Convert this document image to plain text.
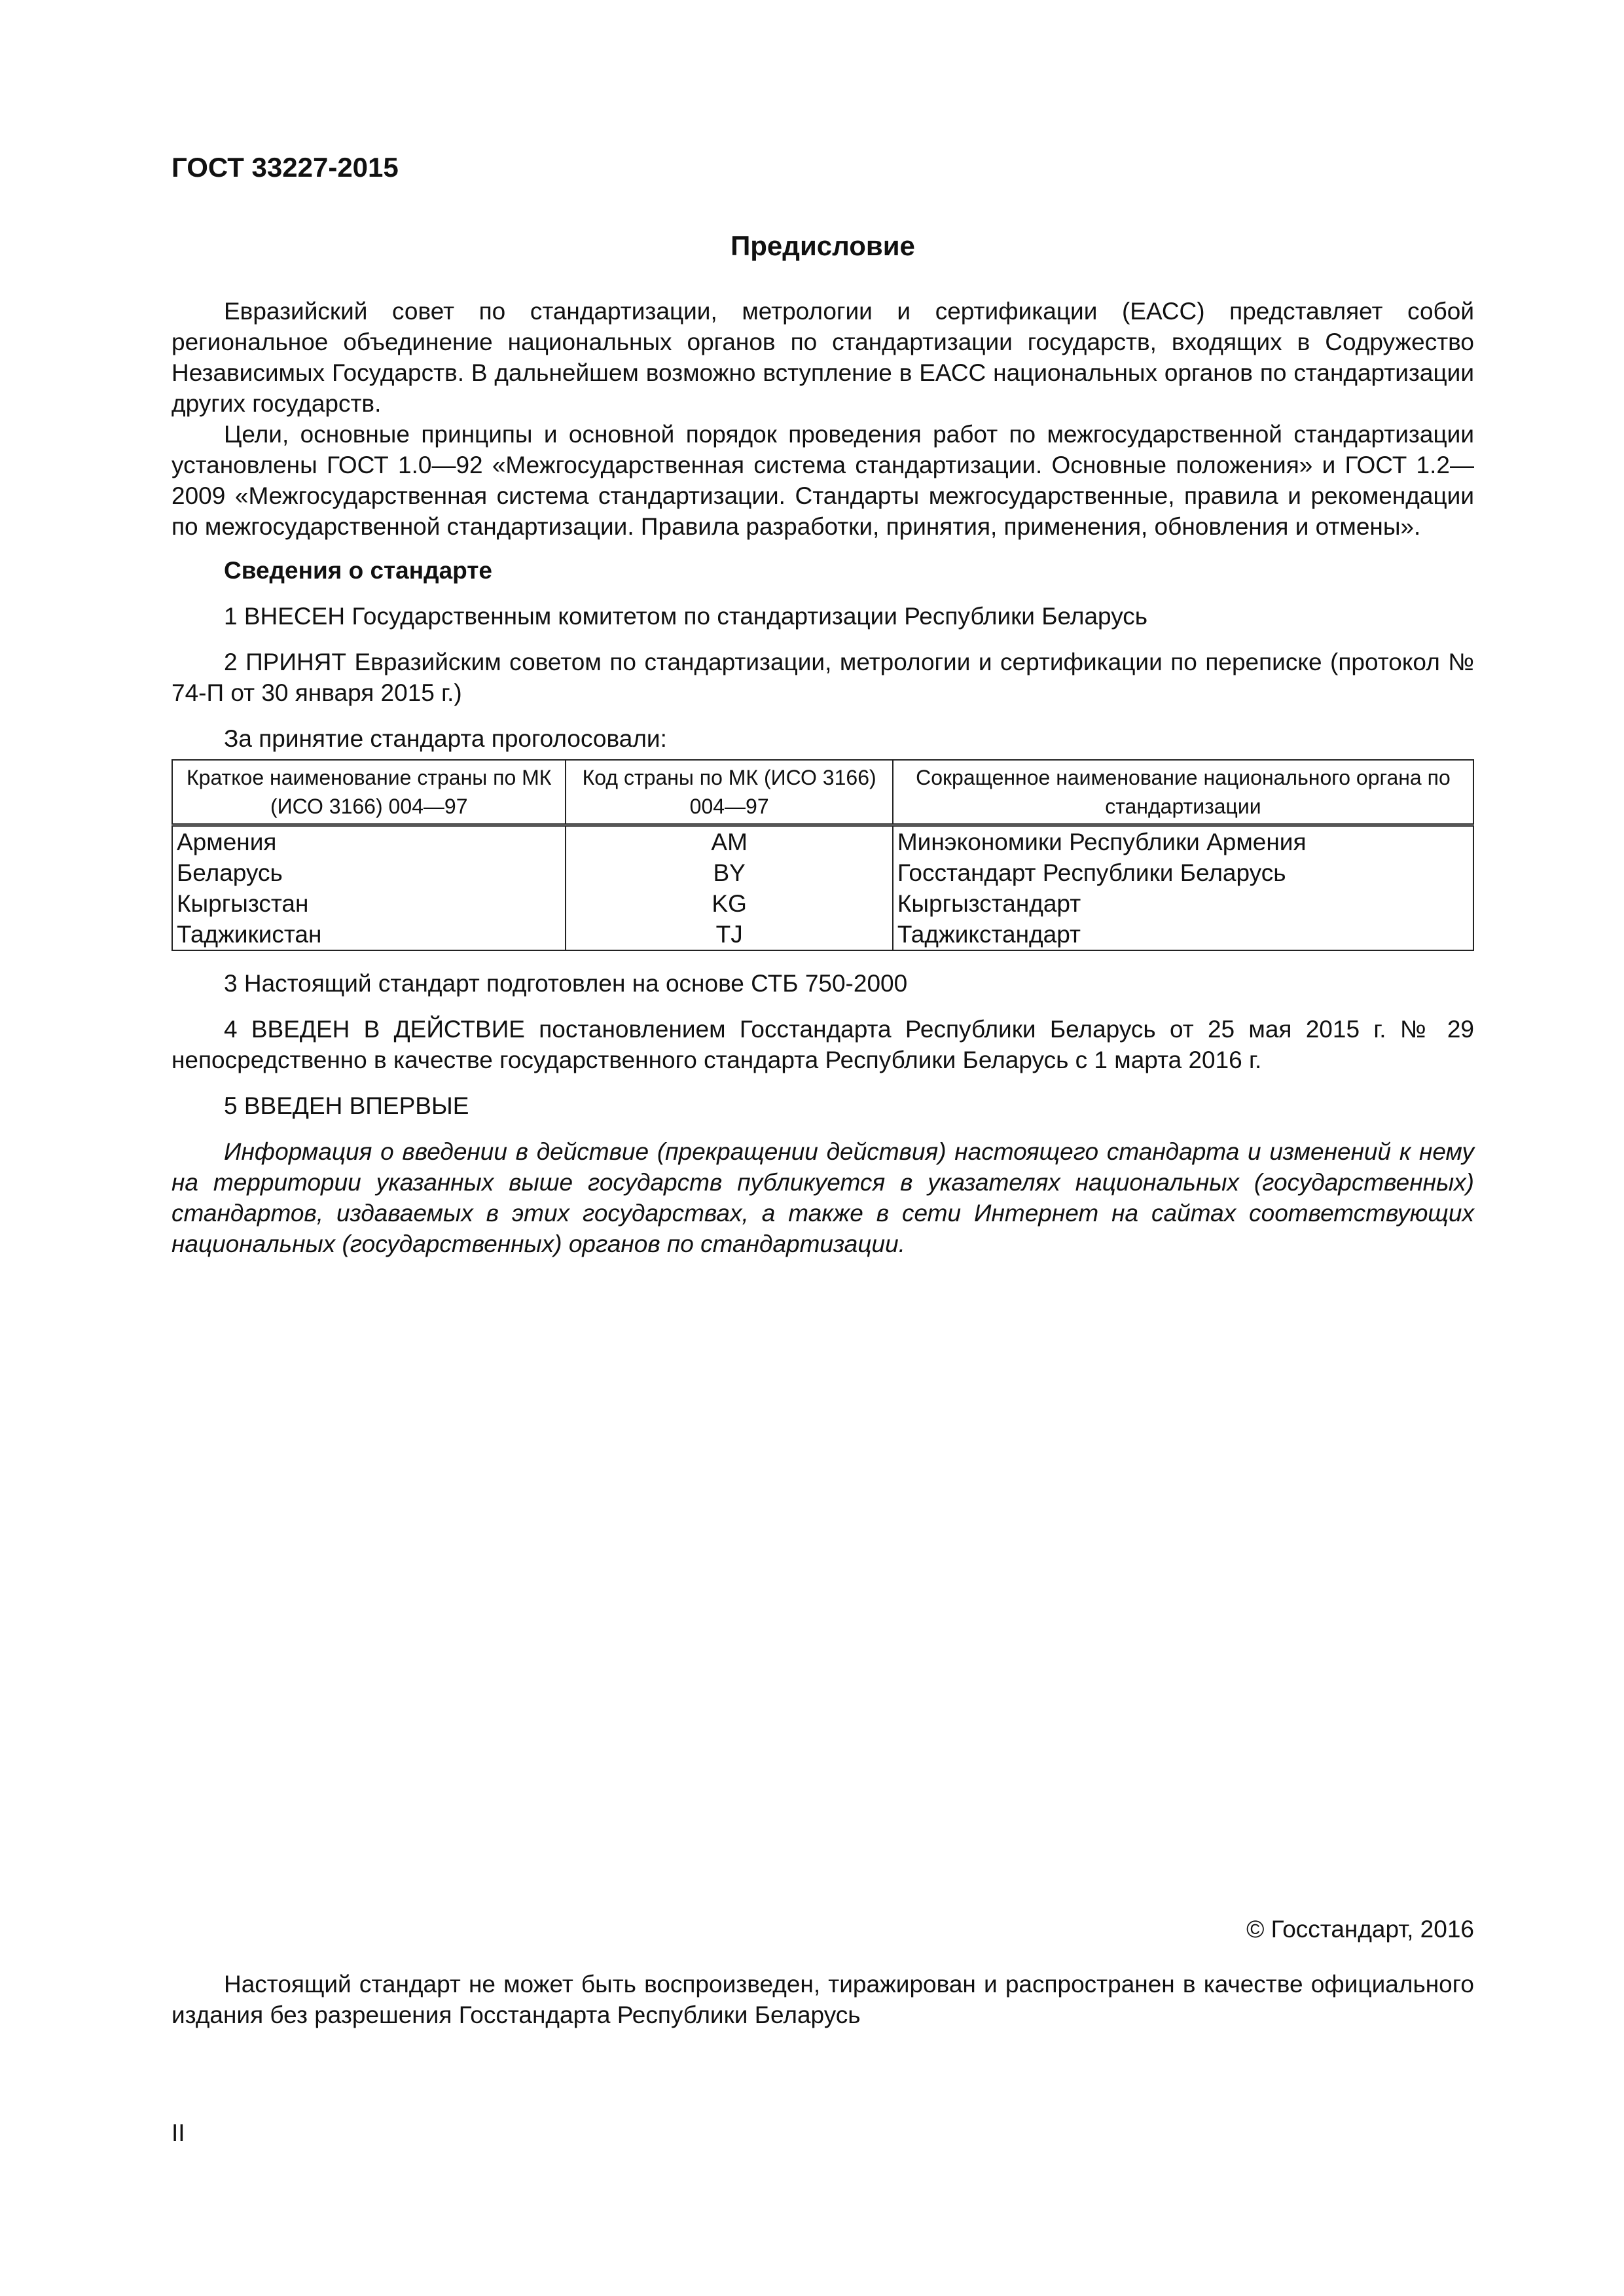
ГОСТ 33227-2015
Предисловие

Евразийский совет по стандартизации, метрологии и сертификации (ЕАСС) представляет собой региональное объединение национальных органов по стандартизации государств, входящих в Содружество Независимых Государств. В дальнейшем возможно вступление в ЕАСС национальных органов по стандартизации других государств.

Цели, основные принципы и основной порядок проведения работ по межгосударственной стандартизации установлены ГОСТ 1.0—92 «Межгосударственная система стандартизации. Основные положения» и ГОСТ 1.2—2009 «Межгосударственная система стандартизации. Стандарты межгосударственные, правила и рекомендации по межгосударственной стандартизации. Правила разработки, принятия, применения, обновления и отмены».

Сведения о стандарте

1 ВНЕСЕН Государственным комитетом по стандартизации Республики Беларусь

2 ПРИНЯТ Евразийским советом по стандартизации, метрологии и сертификации по переписке (протокол № 74-П от 30 января 2015 г.)

За принятие стандарта проголосовали:

Краткое наименование страны по МК (ИСО 3166) 004—97	Код страны по МК (ИСО 3166) 004—97	Сокращенное наименование национального органа по стандартизации
Армения	AM	Минэкономики Республики Армения
Беларусь	BY	Госстандарт Республики Беларусь
Кыргызстан	KG	Кыргызстандарт
Таджикистан	TJ	Таджикстандарт

3 Настоящий стандарт подготовлен на основе СТБ 750-2000

4 ВВЕДЕН В ДЕЙСТВИЕ постановлением Госстандарта Республики Беларусь от 25 мая 2015 г. № 29 непосредственно в качестве государственного стандарта Республики Беларусь с 1 марта 2016 г.

5 ВВЕДЕН ВПЕРВЫЕ

Информация о введении в действие (прекращении действия) настоящего стандарта и изменений к нему на территории указанных выше государств публикуется в указателях национальных (государственных) стандартов, издаваемых в этих государствах, а также в сети Интернет на сайтах соответствующих национальных (государственных) органов по стандартизации.

© Госстандарт, 2016

Настоящий стандарт не может быть воспроизведен, тиражирован и распространен в качестве официального издания без разрешения Госстандарта Республики Беларусь

II
